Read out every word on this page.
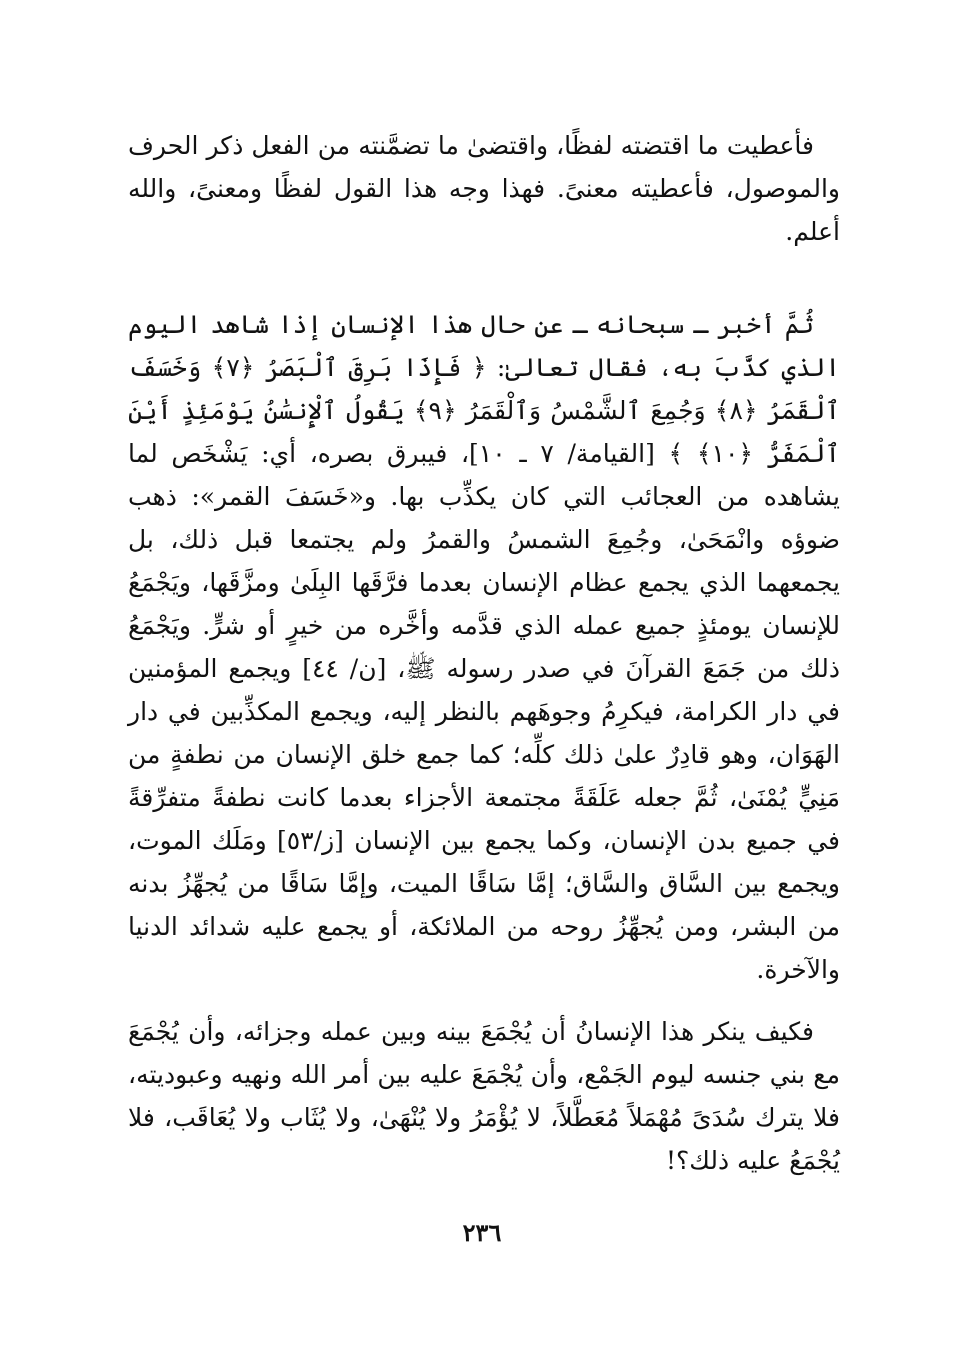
فأعطيت ما اقتضته لفظًا، واقتضىٰ ما تضمَّنته من الفعل ذكر الحرف والموصول، فأعطيته معنىً. فهذا وجه هذا القول لفظًا ومعنىً، والله أعلم.

ثُمَّ أخبر ـ سبحانه ـ عن حال هذا الإنسان إذا شاهد اليوم الذي كذَّبَ به، فقال تعالىٰ: ﴿ فَإِذَا بَرِقَ ٱلْبَصَرُ ﴿٧﴾ وَخَسَفَ ٱلْقَمَرُ ﴿٨﴾ وَجُمِعَ ٱلشَّمْسُ وَٱلْقَمَرُ ﴿٩﴾ يَقُولُ ٱلْإِنسَٰنُ يَوْمَئِذٍ أَيْنَ ٱلْمَفَرُّ ﴿١٠﴾ ﴾ [القيامة/ ٧ ـ ١٠]، فيبرق بصره، أي: يَشْخَص لما يشاهده من العجائب التي كان يكذِّب بها. و«خَسَفَ القمر»: ذهب ضوؤه وانْمَحَىٰ، وجُمِعَ الشمسُ والقمرُ ولم يجتمعا قبل ذلك، بل يجمعهما الذي يجمع عظام الإنسان بعدما فرَّقَها البِلَىٰ ومزَّقَها، ويَجْمَعُ للإنسان يومئذٍ جميع عمله الذي قدَّمه وأخَّره من خيرٍ أو شرٍّ. ويَجْمَعُ ذلك من جَمَعَ القرآنَ في صدر رسوله ﷺ، [ن/ ٤٤] ويجمع المؤمنين في دار الكرامة، فيكرِمُ وجوهَهم بالنظر إليه، ويجمع المكذِّبين في دار الهَوَان، وهو قادِرٌ علىٰ ذلك كلِّه؛ كما جمع خلق الإنسان من نطفةٍ من مَنِيٍّ يُمْنَىٰ، ثُمَّ جعله عَلَقَةً مجتمعة الأجزاء بعدما كانت نطفةً متفرِّقةً في جميع بدن الإنسان، وكما يجمع بين الإنسان [ز/٥٣] ومَلَك الموت، ويجمع بين السَّاق والسَّاق؛ إمَّا سَاقًا الميت، وإمَّا سَاقًا من يُجهِّزُ بدنه من البشر، ومن يُجهِّزُ روحه من الملائكة، أو يجمع عليه شدائد الدنيا والآخرة.

فكيف ينكر هذا الإنسانُ أن يُجْمَعَ بينه وبين عمله وجزائه، وأن يُجْمَعَ مع بني جنسه ليوم الجَمْع، وأن يُجْمَعَ عليه بين أمر الله ونهيه وعبوديته، فلا يترك سُدَىً مُهْمَلاً مُعَطَّلاً، لا يُؤْمَرُ ولا يُنْهَىٰ، ولا يُثَاب ولا يُعَاقَب، فلا يُجْمَعُ عليه ذلك؟!

٢٣٦
